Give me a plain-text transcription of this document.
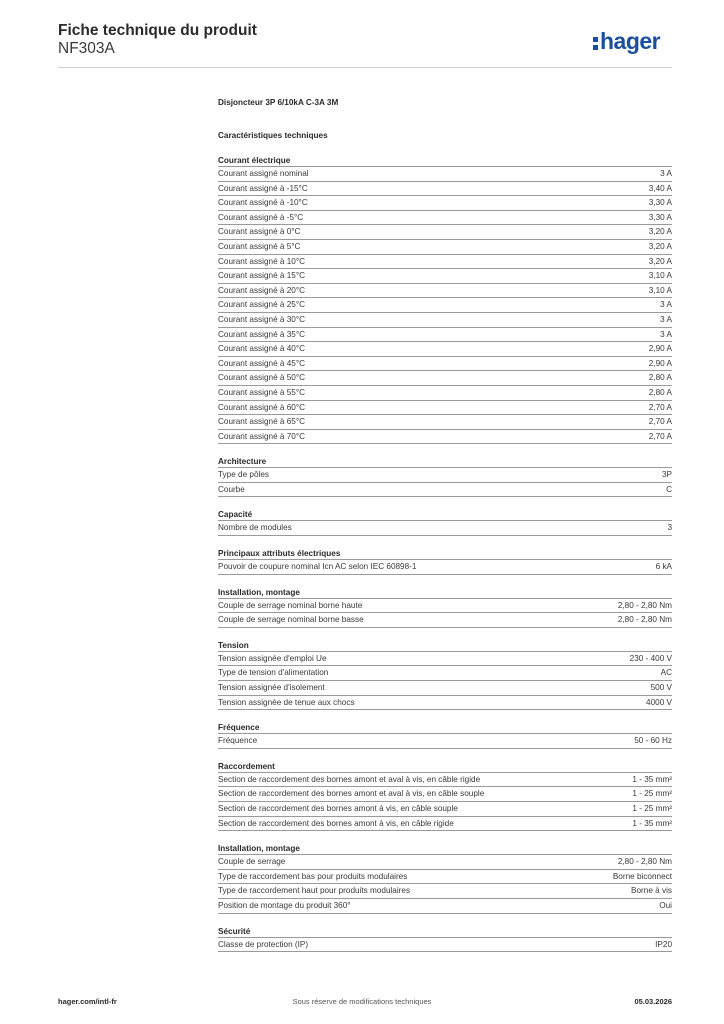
Fiche technique du produit
NF303A	hager
Disjoncteur 3P 6/10kA C-3A 3M
Caractéristiques techniques
Courant électrique
Courant assigné nominal	3 A
Courant assigné à -15°C	3,40 A
Courant assigné à -10°C	3,30 A
Courant assigné à -5°C	3,30 A
Courant assigné à 0°C	3,20 A
Courant assigné à 5°C	3,20 A
Courant assigné à 10°C	3,20 A
Courant assigné à 15°C	3,10 A
Courant assigné à 20°C	3,10 A
Courant assigné à 25°C	3 A
Courant assigné à 30°C	3 A
Courant assigné à 35°C	3 A
Courant assigné à 40°C	2,90 A
Courant assigné à 45°C	2,90 A
Courant assigné à 50°C	2,80 A
Courant assigné à 55°C	2,80 A
Courant assigné à 60°C	2,70 A
Courant assigné à 65°C	2,70 A
Courant assigné à 70°C	2,70 A
Architecture
Type de pôles	3P
Courbe	C
Capacité
Nombre de modules	3
Principaux attributs électriques
Pouvoir de coupure nominal Icn AC selon IEC 60898-1	6 kA
Installation, montage
Couple de serrage nominal borne haute	2,80 - 2,80 Nm
Couple de serrage nominal borne basse	2,80 - 2,80 Nm
Tension
Tension assignée d'emploi Ue	230 - 400 V
Type de tension d'alimentation	AC
Tension assignée d'isolement	500 V
Tension assignée de tenue aux chocs	4000 V
Fréquence
Fréquence	50 - 60 Hz
Raccordement
Section de raccordement des bornes amont et aval à vis, en câble rigide	1 - 35 mm²
Section de raccordement des bornes amont et aval à vis, en câble souple	1 - 25 mm²
Section de raccordement des bornes amont à vis, en câble souple	1 - 25 mm²
Section de raccordement des bornes amont à vis, en câble rigide	1 - 35 mm²
Installation, montage
Couple de serrage	2,80 - 2,80 Nm
Type de raccordement bas pour produits modulaires	Borne biconnect
Type de raccordement haut pour produits modulaires	Borne à vis
Position de montage du produit 360°	Oui
Sécurité
Classe de protection (IP)	IP20
hager.com/intl-fr	Sous réserve de modifications techniques	05.03.2026
